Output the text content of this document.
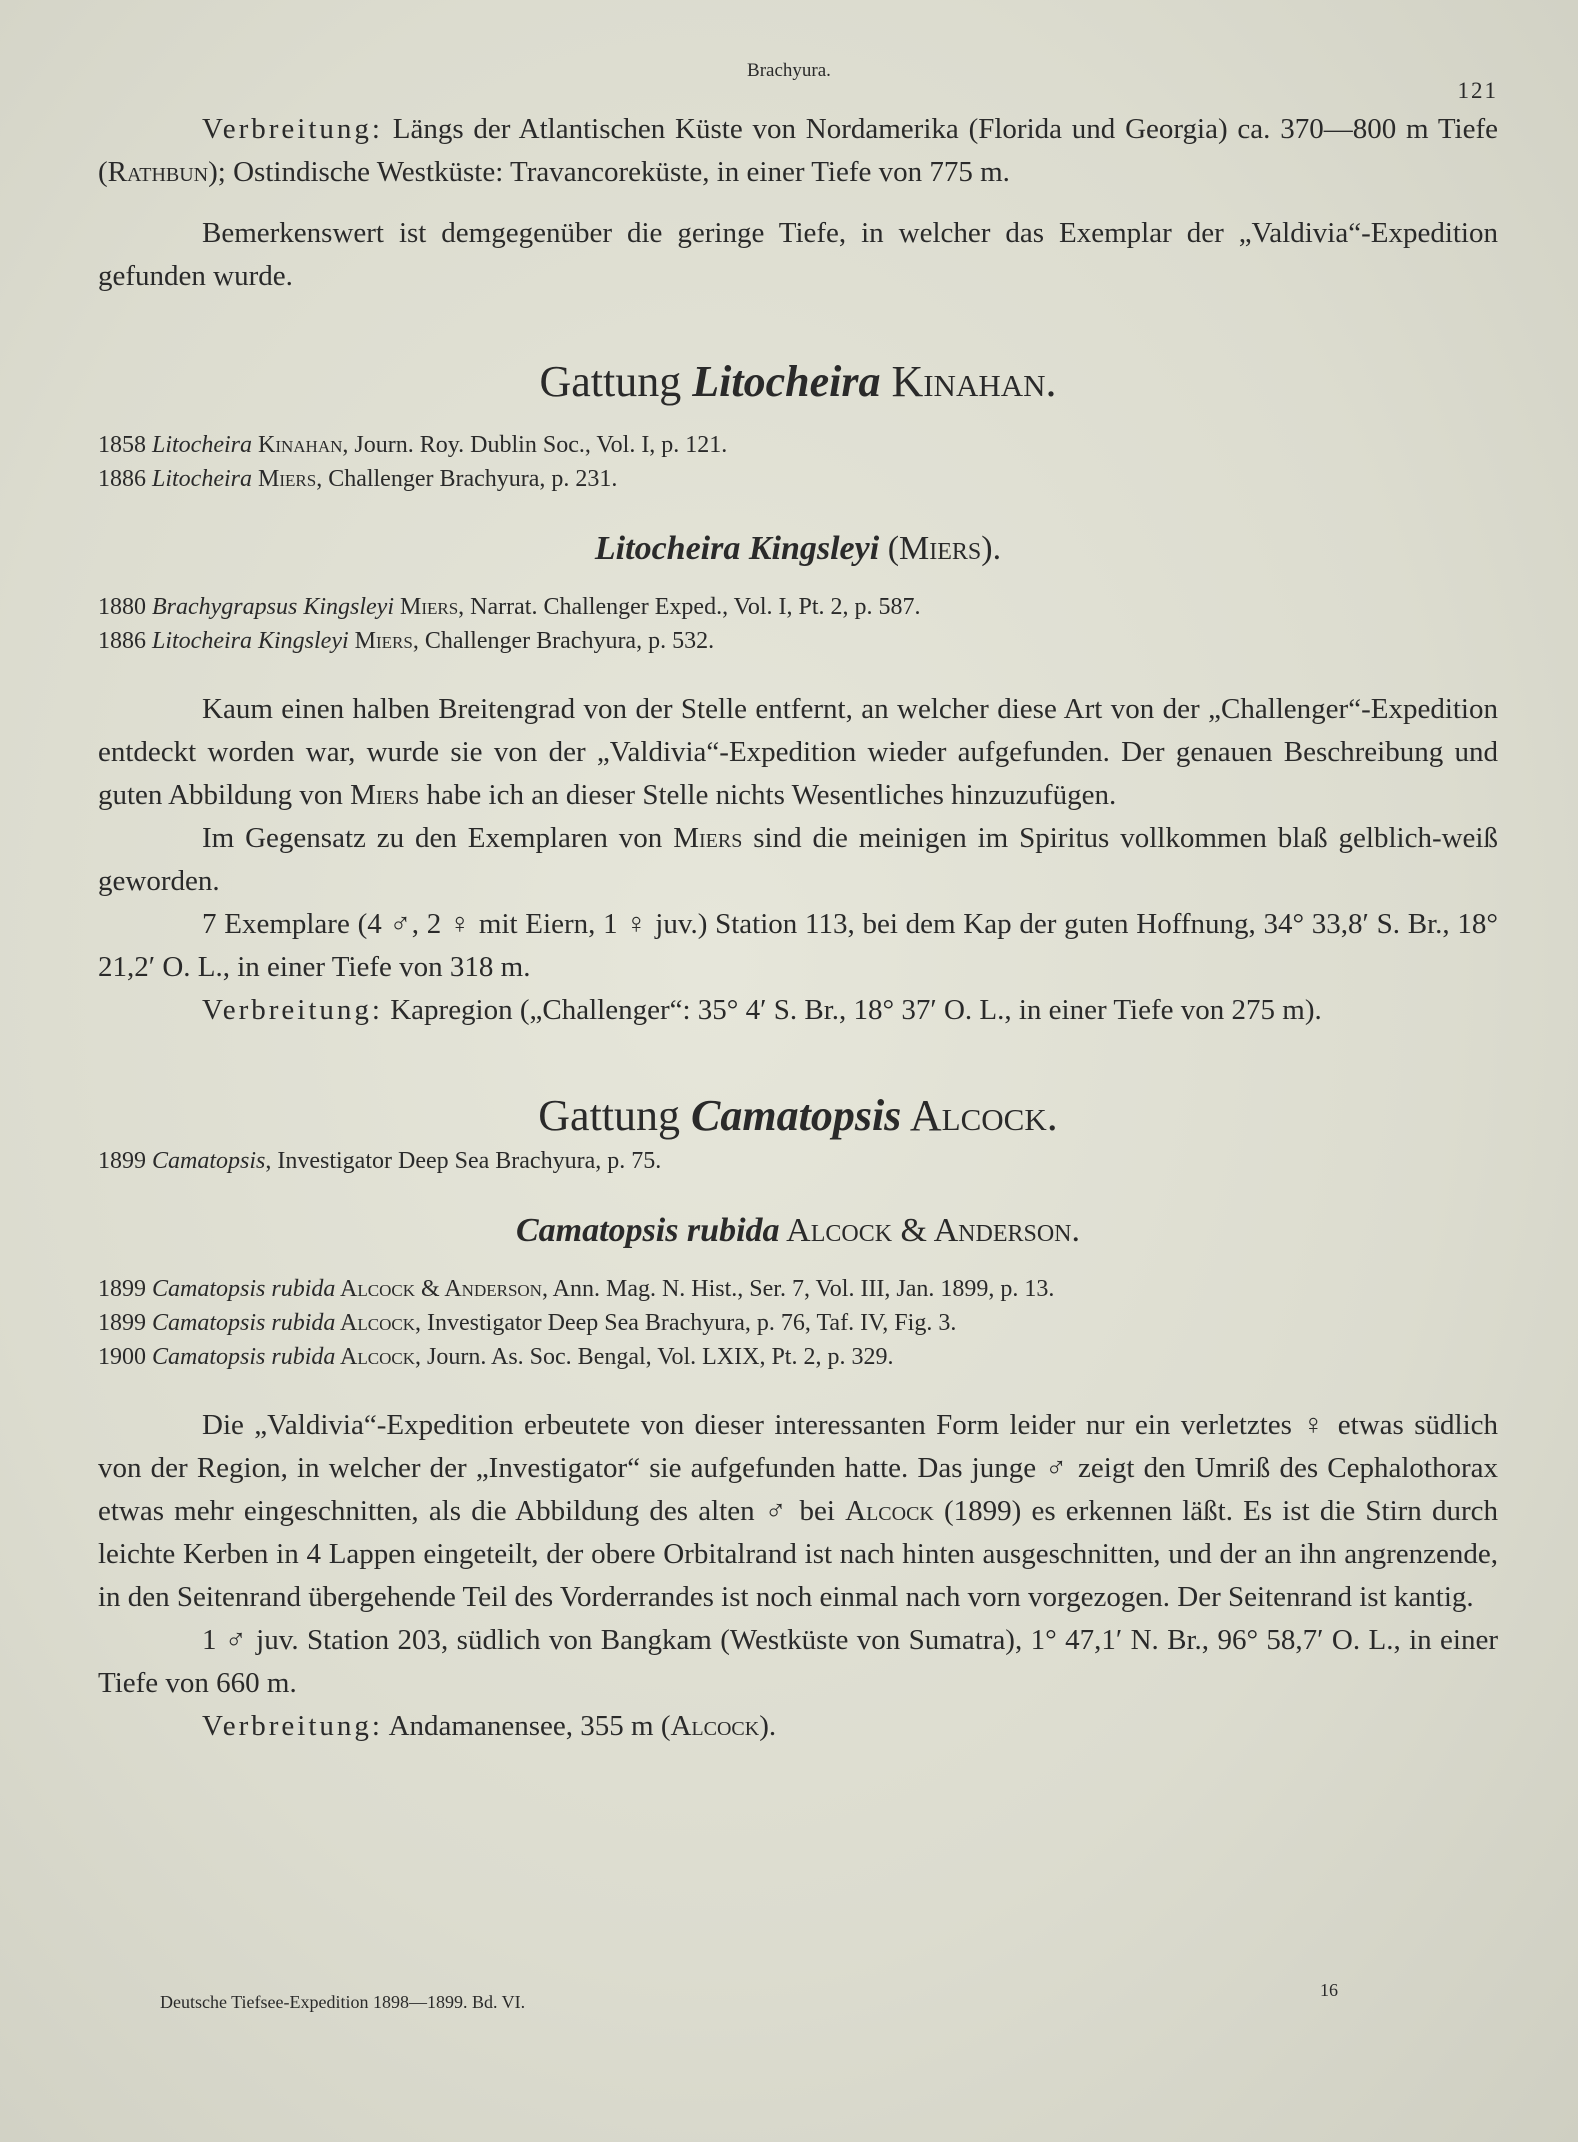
Brachyura.
121

Verbreitung: Längs der Atlantischen Küste von Nordamerika (Florida und Georgia) ca. 370—800 m Tiefe (Rathbun); Ostindische Westküste: Travancoreküste, in einer Tiefe von 775 m.

Bemerkenswert ist demgegenüber die geringe Tiefe, in welcher das Exemplar der „Valdivia“-Expedition gefunden wurde.

Gattung Litocheira Kinahan.

1858 Litocheira Kinahan, Journ. Roy. Dublin Soc., Vol. I, p. 121.

1886 Litocheira Miers, Challenger Brachyura, p. 231.

Litocheira Kingsleyi (Miers).

1880 Brachygrapsus Kingsleyi Miers, Narrat. Challenger Exped., Vol. I, Pt. 2, p. 587.

1886 Litocheira Kingsleyi Miers, Challenger Brachyura, p. 532.

Kaum einen halben Breitengrad von der Stelle entfernt, an welcher diese Art von der „Challenger“-Expedition entdeckt worden war, wurde sie von der „Valdivia“-Expedition wieder aufgefunden. Der genauen Beschreibung und guten Abbildung von Miers habe ich an dieser Stelle nichts Wesentliches hinzuzufügen.

Im Gegensatz zu den Exemplaren von Miers sind die meinigen im Spiritus vollkommen blaß gelblich-weiß geworden.

7 Exemplare (4 ♂, 2 ♀ mit Eiern, 1 ♀ juv.) Station 113, bei dem Kap der guten Hoffnung, 34° 33,8′ S. Br., 18° 21,2′ O. L., in einer Tiefe von 318 m.

Verbreitung: Kapregion („Challenger“: 35° 4′ S. Br., 18° 37′ O. L., in einer Tiefe von 275 m).

Gattung Camatopsis Alcock.

1899 Camatopsis, Investigator Deep Sea Brachyura, p. 75.

Camatopsis rubida Alcock & Anderson.

1899 Camatopsis rubida Alcock & Anderson, Ann. Mag. N. Hist., Ser. 7, Vol. III, Jan. 1899, p. 13.

1899 Camatopsis rubida Alcock, Investigator Deep Sea Brachyura, p. 76, Taf. IV, Fig. 3.

1900 Camatopsis rubida Alcock, Journ. As. Soc. Bengal, Vol. LXIX, Pt. 2, p. 329.

Die „Valdivia“-Expedition erbeutete von dieser interessanten Form leider nur ein verletztes ♀ etwas südlich von der Region, in welcher der „Investigator“ sie aufgefunden hatte. Das junge ♂ zeigt den Umriß des Cephalothorax etwas mehr eingeschnitten, als die Abbildung des alten ♂ bei Alcock (1899) es erkennen läßt. Es ist die Stirn durch leichte Kerben in 4 Lappen eingeteilt, der obere Orbitalrand ist nach hinten ausgeschnitten, und der an ihn angrenzende, in den Seitenrand übergehende Teil des Vorderrandes ist noch einmal nach vorn vorgezogen. Der Seitenrand ist kantig.

1 ♂ juv. Station 203, südlich von Bangkam (Westküste von Sumatra), 1° 47,1′ N. Br., 96° 58,7′ O. L., in einer Tiefe von 660 m.

Verbreitung: Andamanensee, 355 m (Alcock).

Deutsche Tiefsee-Expedition 1898—1899. Bd. VI.
16
